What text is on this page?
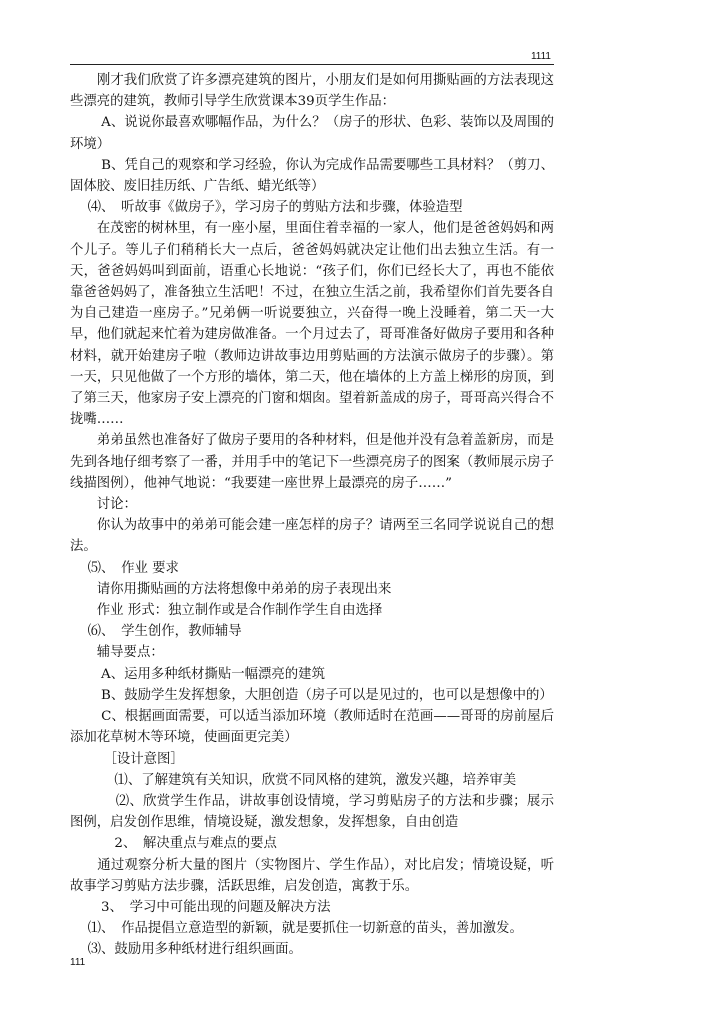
1111

　　刚才我们欣赏了许多漂亮建筑的图片，小朋友们是如何用撕贴画的方法表现这些漂亮的建筑，教师引导学生欣赏课本39页学生作品：

　　 A、说说你最喜欢哪幅作品，为什么？（房子的形状、色彩、装饰以及周围的环境）

　　 B、凭自己的观察和学习经验，你认为完成作品需要哪些工具材料？（剪刀、固体胶、废旧挂历纸、广告纸、蜡光纸等）

　 ⑷、　听故事《做房子》，学习房子的剪贴方法和步骤，体验造型

　　在茂密的树林里，有一座小屋，里面住着幸福的一家人，他们是爸爸妈妈和两个儿子。等儿子们稍稍长大一点后，爸爸妈妈就决定让他们出去独立生活。有一天，爸爸妈妈叫到面前，语重心长地说：“孩子们，你们已经长大了，再也不能依靠爸爸妈妈了，准备独立生活吧！不过，在独立生活之前，我希望你们首先要各自为自己建造一座房子。”兄弟俩一听说要独立，兴奋得一晚上没睡着，第二天一大早，他们就起来忙着为建房做准备。一个月过去了，哥哥准备好做房子要用和各种材料，就开始建房子啦（教师边讲故事边用剪贴画的方法演示做房子的步骤）。第一天，只见他做了一个方形的墙体，第二天，他在墙体的上方盖上梯形的房顶，到了第三天，他家房子安上漂亮的门窗和烟囱。望着新盖成的房子，哥哥高兴得合不拢嘴……

　　弟弟虽然也准备好了做房子要用的各种材料，但是他并没有急着盖新房，而是先到各地仔细考察了一番，并用手中的笔记下一些漂亮房子的图案（教师展示房子线描图例），他神气地说：“我要建一座世界上最漂亮的房子……”

　　讨论：

　　你认为故事中的弟弟可能会建一座怎样的房子？请两至三名同学说说自己的想法。

　 ⑸、　作业 要求

　　请你用撕贴画的方法将想像中弟弟的房子表现出来

　　作业 形式：独立制作或是合作制作学生自由选择

　 ⑹、　学生创作，教师辅导

　　辅导要点：

　　 A、运用多种纸材撕贴一幅漂亮的建筑

　　 B、鼓励学生发挥想象，大胆创造（房子可以是见过的，也可以是想像中的）

　　 C、根据画面需要，可以适当添加环境（教师适时在范画——哥哥的房前屋后添加花草树木等环境，使画面更完美）

　　　［设计意图］

　　　 ⑴、了解建筑有关知识，欣赏不同风格的建筑，激发兴趣，培养审美

　　　 ⑵、欣赏学生作品，讲故事创设情境，学习剪贴房子的方法和步骤；展示图例，启发创作思维，情境设疑，激发想象，发挥想象，自由创造

　　　 2、　解决重点与难点的要点

　　通过观察分析大量的图片（实物图片、学生作品），对比启发；情境设疑，听故事学习剪贴方法步骤，活跃思维，启发创造，寓教于乐。

　　 3、　学习中可能出现的问题及解决方法

　 ⑴、　作品提倡立意造型的新颖，就是要抓住一切新意的苗头，善加激发。

　 ⑶、鼓励用多种纸材进行组织画面。

111
